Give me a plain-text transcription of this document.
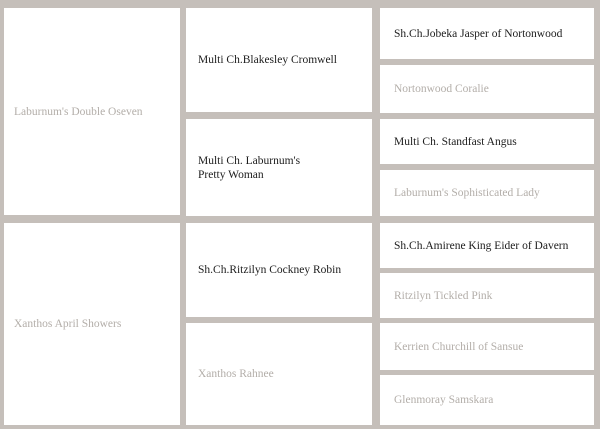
Laburnum's Double Oseven
Xanthos April Showers
Multi Ch.Blakesley Cromwell
Multi Ch. Laburnum's
Pretty Woman
Sh.Ch.Ritzilyn Cockney Robin
Xanthos Rahnee
Sh.Ch.Jobeka Jasper of Nortonwood
Nortonwood Coralie
Multi Ch. Standfast Angus
Laburnum's Sophisticated Lady
Sh.Ch.Amirene King Eider of Davern
Ritzilyn Tickled Pink
Kerrien Churchill of Sansue
Glenmoray Samskara
